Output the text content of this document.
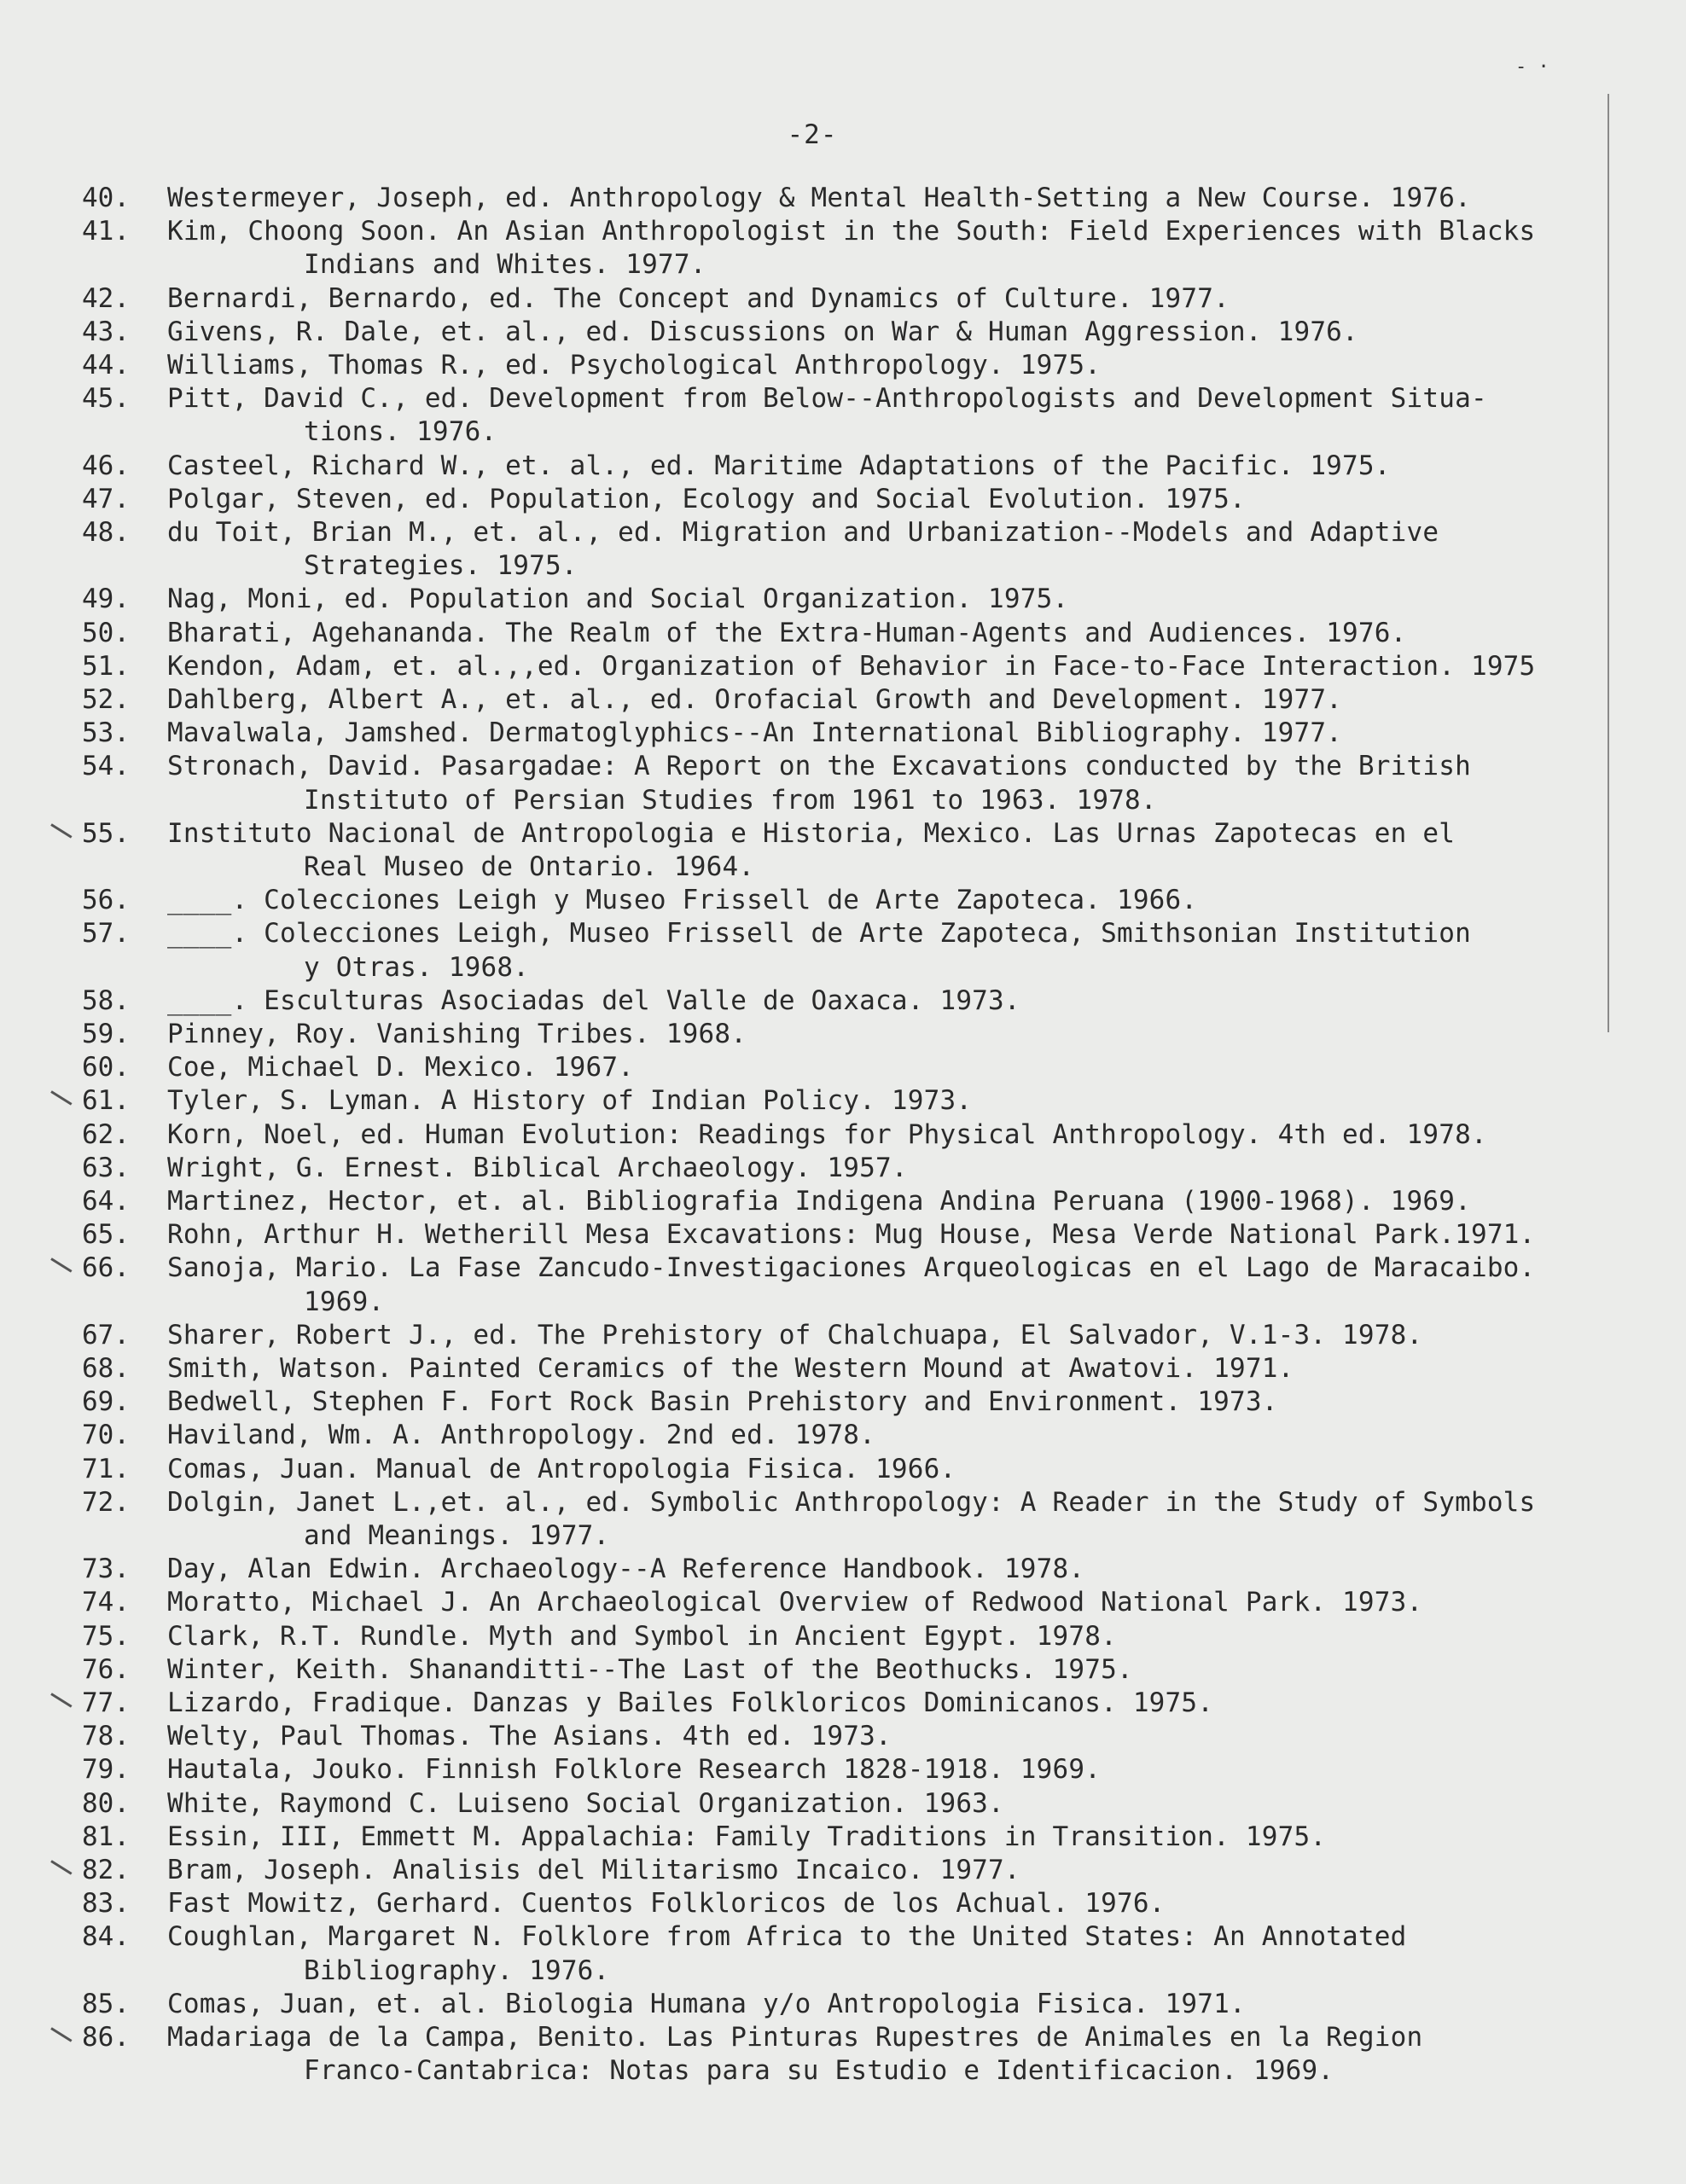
- ·
-2-
40. Westermeyer, Joseph, ed. Anthropology & Mental Health-Setting a New Course. 1976.
41. Kim, Choong Soon. An Asian Anthropologist in the South: Field Experiences with Blacks
Indians and Whites. 1977.
42. Bernardi, Bernardo, ed. The Concept and Dynamics of Culture. 1977.
43. Givens, R. Dale, et. al., ed. Discussions on War & Human Aggression. 1976.
44. Williams, Thomas R., ed. Psychological Anthropology. 1975.
45. Pitt, David C., ed. Development from Below--Anthropologists and Development Situa-
tions. 1976.
46. Casteel, Richard W., et. al., ed. Maritime Adaptations of the Pacific. 1975.
47. Polgar, Steven, ed. Population, Ecology and Social Evolution. 1975.
48. du Toit, Brian M., et. al., ed. Migration and Urbanization--Models and Adaptive
Strategies. 1975.
49. Nag, Moni, ed. Population and Social Organization. 1975.
50. Bharati, Agehananda. The Realm of the Extra-Human-Agents and Audiences. 1976.
51. Kendon, Adam, et. al.,,ed. Organization of Behavior in Face-to-Face Interaction. 1975
52. Dahlberg, Albert A., et. al., ed. Orofacial Growth and Development. 1977.
53. Mavalwala, Jamshed. Dermatoglyphics--An International Bibliography. 1977.
54. Stronach, David. Pasargadae: A Report on the Excavations conducted by the British
Instituto of Persian Studies from 1961 to 1963. 1978.
55. Instituto Nacional de Antropologia e Historia, Mexico. Las Urnas Zapotecas en el
Real Museo de Ontario. 1964.
56. ____. Colecciones Leigh y Museo Frissell de Arte Zapoteca. 1966.
57. ____. Colecciones Leigh, Museo Frissell de Arte Zapoteca, Smithsonian Institution
y Otras. 1968.
58. ____. Esculturas Asociadas del Valle de Oaxaca. 1973.
59. Pinney, Roy. Vanishing Tribes. 1968.
60. Coe, Michael D. Mexico. 1967.
61. Tyler, S. Lyman. A History of Indian Policy. 1973.
62. Korn, Noel, ed. Human Evolution: Readings for Physical Anthropology. 4th ed. 1978.
63. Wright, G. Ernest. Biblical Archaeology. 1957.
64. Martinez, Hector, et. al. Bibliografia Indigena Andina Peruana (1900-1968). 1969.
65. Rohn, Arthur H. Wetherill Mesa Excavations: Mug House, Mesa Verde National Park.1971.
66. Sanoja, Mario. La Fase Zancudo-Investigaciones Arqueologicas en el Lago de Maracaibo.
1969.
67. Sharer, Robert J., ed. The Prehistory of Chalchuapa, El Salvador, V.1-3. 1978.
68. Smith, Watson. Painted Ceramics of the Western Mound at Awatovi. 1971.
69. Bedwell, Stephen F. Fort Rock Basin Prehistory and Environment. 1973.
70. Haviland, Wm. A. Anthropology. 2nd ed. 1978.
71. Comas, Juan. Manual de Antropologia Fisica. 1966.
72. Dolgin, Janet L.,et. al., ed. Symbolic Anthropology: A Reader in the Study of Symbols
and Meanings. 1977.
73. Day, Alan Edwin. Archaeology--A Reference Handbook. 1978.
74. Moratto, Michael J. An Archaeological Overview of Redwood National Park. 1973.
75. Clark, R.T. Rundle. Myth and Symbol in Ancient Egypt. 1978.
76. Winter, Keith. Shananditti--The Last of the Beothucks. 1975.
77. Lizardo, Fradique. Danzas y Bailes Folkloricos Dominicanos. 1975.
78. Welty, Paul Thomas. The Asians. 4th ed. 1973.
79. Hautala, Jouko. Finnish Folklore Research 1828-1918. 1969.
80. White, Raymond C. Luiseno Social Organization. 1963.
81. Essin, III, Emmett M. Appalachia: Family Traditions in Transition. 1975.
82. Bram, Joseph. Analisis del Militarismo Incaico. 1977.
83. Fast Mowitz, Gerhard. Cuentos Folkloricos de los Achual. 1976.
84. Coughlan, Margaret N. Folklore from Africa to the United States: An Annotated
Bibliography. 1976.
85. Comas, Juan, et. al. Biologia Humana y/o Antropologia Fisica. 1971.
86. Madariaga de la Campa, Benito. Las Pinturas Rupestres de Animales en la Region
Franco-Cantabrica: Notas para su Estudio e Identificacion. 1969.
